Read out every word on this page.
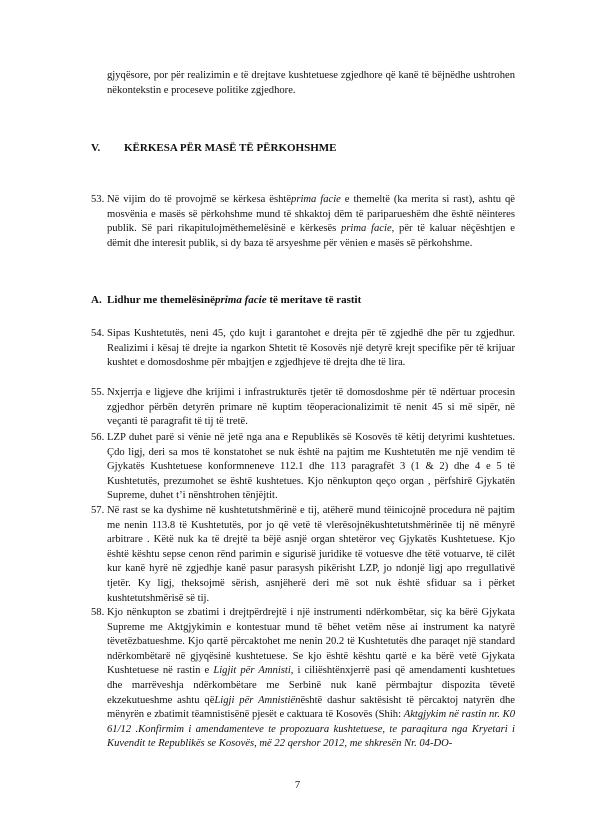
gjyqësore, por për realizimin e të drejtave kushtetuese zgjedhore që kanë të bëjnëdhe ushtrohen nëkontekstin e proceseve politike zgjedhore.

V. KËRKESA PËR MASË TË PËRKOHSHME
A. Lidhur me themelësinëprima facie të meritave të rastit
53. Në vijim do të provojmë se kërkesa ështëprima facie e themeltë (ka merita si rast), ashtu që mosvënia e masës së përkohshme mund të shkaktoj dëm të pariparueshëm dhe është nëinteres publik. Së pari rikapitulojmëthemelësinë e kërkesës prima facie, për të kaluar nëçështjen e dëmit dhe interesit publik, si dy baza të arsyeshme për vënien e masës së përkohshme.
54. Sipas Kushtetutës, neni 45, çdo kujt i garantohet e drejta për të zgjedhë dhe për tu zgjedhur. Realizimi i kësaj të drejte ia ngarkon Shtetit të Kosovës një detyrë krejt specifike për të krijuar kushtet e domosdoshme për mbajtjen e zgjedhjeve të drejta dhe të lira.
55. Nxjerrja e ligjeve dhe krijimi i infrastrukturës tjetër të domosdoshme për të ndërtuar procesin zgjedhor përbën detyrën primare në kuptim tëoperacionalizimit të nenit 45 si më sipër, në veçanti të paragrafit të tij të tretë.
56. LZP duhet parë si vënie në jetë nga ana e Republikës së Kosovës të këtij detyrimi kushtetues. Çdo ligj, deri sa mos të konstatohet se nuk është na pajtim me Kushtetutën me një vendim të Gjykatës Kushtetuese konformneneve 112.1 dhe 113 paragrafët 3 (1 & 2) dhe 4 e 5 të Kushtetutës, prezumohet se është kushtetues. Kjo nënkupton qeço organ , përfshirë Gjykatën Supreme, duhet t’i nënshtrohen tënjëjtit.
57. Në rast se ka dyshime në kushtetutshmërinë e tij, atëherë mund tëinicojnë procedura në pajtim me nenin 113.8 të Kushtetutës, por jo që vetë të vlerësojnëkushtetutshmërinëe tij në mënyrë arbitrare . Këtë nuk ka të drejtë ta bëjë asnjë organ shtetëror veç Gjykatës Kushtetuese. Kjo është kështu sepse cenon rënd parimin e sigurisë juridike të votuesve dhe tëtë votuarve, të cilët kur kanë hyrë në zgjedhje kanë pasur parasysh pikërisht LZP, jo ndonjë ligj apo rregullativë tjetër. Ky ligj, theksojmë sërish, asnjëherë deri më sot nuk është sfiduar sa i përket kushtetutshmërisë së tij.
58. Kjo nënkupton se zbatimi i drejtpërdrejtë i një instrumenti ndërkombëtar, siç ka bërë Gjykata Supreme me Aktgjykimin e kontestuar mund të bëhet vetëm nëse ai instrument ka natyrë tëvetëzbatueshme. Kjo qartë përcaktohet me nenin 20.2 të Kushtetutës dhe paraqet një standard ndërkombëtarë në gjyqësinë kushtetuese. Se kjo është kështu qartë e ka bërë vetë Gjykata Kushtetuese në rastin e Ligjit për Amnisti, i ciliështënxjerrë pasi që amendamenti kushtetues dhe marrëveshja ndërkombëtare me Serbinë nuk kanë përmbajtur dispozita tëvetë ekzekutueshme ashtu qëLigji për Amnistiënështë dashur saktësisht të përcaktoj natyrën dhe mënyrën e zbatimit tëamnistisënë pjesët e caktuara të Kosovës (Shih: Aktgjykim në rastin nr. K0 61/12 .Konfirmim i amendamenteve te propozuara kushtetuese, te paraqitura nga Kryetari i Kuvendit te Republikës se Kosovës, më 22 qershor 2012, me shkresën Nr. 04-DO-
7
